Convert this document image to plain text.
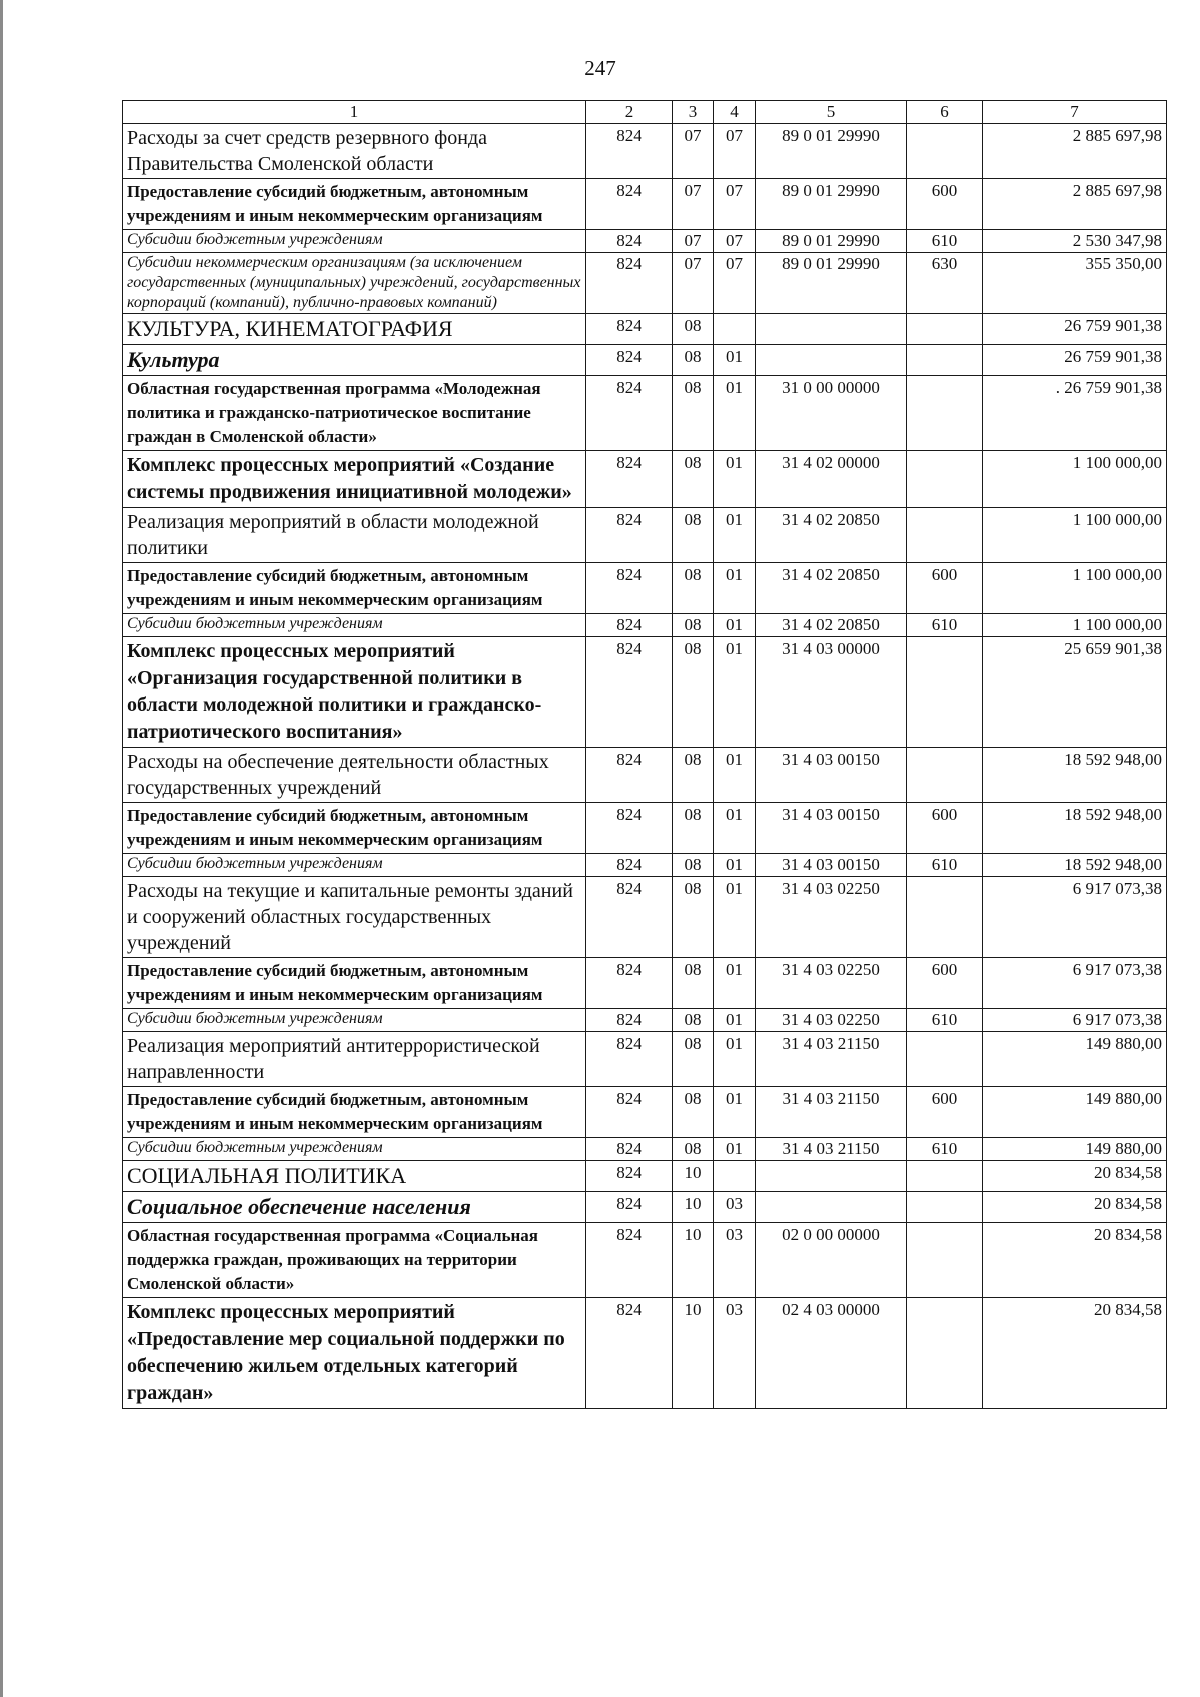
247
1	2	3	4	5	6	7
Расходы за счет средств резервного фонда Правительства Смоленской области	824	07	07	89 0 01 29990		2 885 697,98
Предоставление субсидий бюджетным, автономным учреждениям и иным некоммерческим организациям	824	07	07	89 0 01 29990	600	2 885 697,98
Субсидии бюджетным учреждениям	824	07	07	89 0 01 29990	610	2 530 347,98
Субсидии некоммерческим организациям (за исключением государственных (муниципальных) учреждений, государственных корпораций (компаний), публично-правовых компаний)	824	07	07	89 0 01 29990	630	355 350,00
КУЛЬТУРА, КИНЕМАТОГРАФИЯ	824	08				26 759 901,38
Культура	824	08	01			26 759 901,38
Областная государственная программа «Молодежная политика и гражданско-патриотическое воспитание граждан в Смоленской области»	824	08	01	31 0 00 00000		. 26 759 901,38
Комплекс процессных мероприятий «Создание системы продвижения инициативной молодежи»	824	08	01	31 4 02 00000		1 100 000,00
Реализация мероприятий в области молодежной политики	824	08	01	31 4 02 20850		1 100 000,00
Предоставление субсидий бюджетным, автономным учреждениям и иным некоммерческим организациям	824	08	01	31 4 02 20850	600	1 100 000,00
Субсидии бюджетным учреждениям	824	08	01	31 4 02 20850	610	1 100 000,00
Комплекс процессных мероприятий «Организация государственной политики в области молодежной политики и гражданско-патриотического воспитания»	824	08	01	31 4 03 00000		25 659 901,38
Расходы на обеспечение деятельности областных государственных учреждений	824	08	01	31 4 03 00150		18 592 948,00
Предоставление субсидий бюджетным, автономным учреждениям и иным некоммерческим организациям	824	08	01	31 4 03 00150	600	18 592 948,00
Субсидии бюджетным учреждениям	824	08	01	31 4 03 00150	610	18 592 948,00
Расходы на текущие и капитальные ремонты зданий и сооружений областных государственных учреждений	824	08	01	31 4 03 02250		6 917 073,38
Предоставление субсидий бюджетным, автономным учреждениям и иным некоммерческим организациям	824	08	01	31 4 03 02250	600	6 917 073,38
Субсидии бюджетным учреждениям	824	08	01	31 4 03 02250	610	6 917 073,38
Реализация мероприятий антитеррористической направленности	824	08	01	31 4 03 21150		149 880,00
Предоставление субсидий бюджетным, автономным учреждениям и иным некоммерческим организациям	824	08	01	31 4 03 21150	600	149 880,00
Субсидии бюджетным учреждениям	824	08	01	31 4 03 21150	610	149 880,00
СОЦИАЛЬНАЯ ПОЛИТИКА	824	10				20 834,58
Социальное обеспечение населения	824	10	03			20 834,58
Областная государственная программа «Социальная поддержка граждан, проживающих на территории Смоленской области»	824	10	03	02 0 00 00000		20 834,58
Комплекс процессных мероприятий «Предоставление мер социальной поддержки по обеспечению жильем отдельных категорий граждан»	824	10	03	02 4 03 00000		20 834,58
